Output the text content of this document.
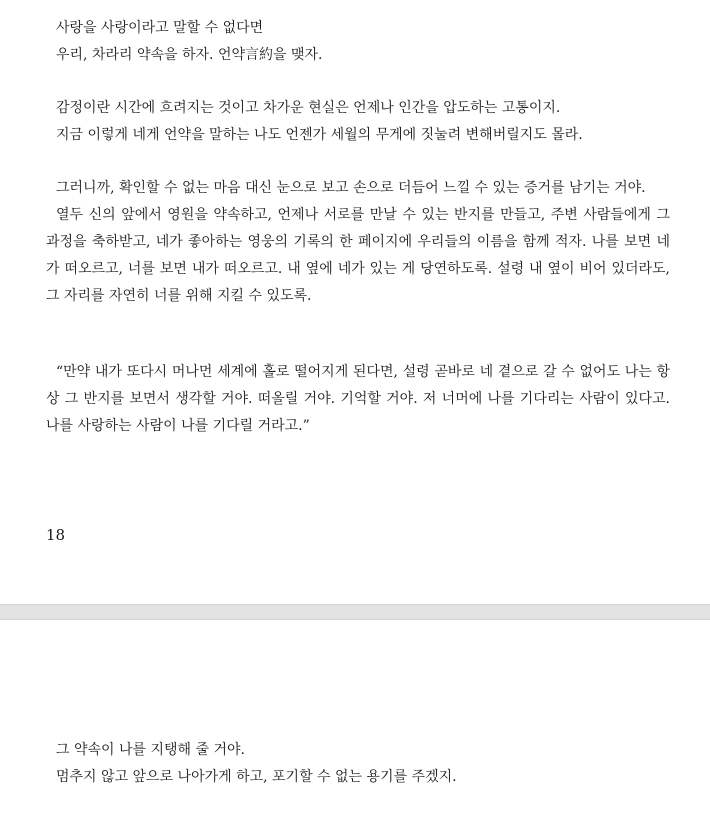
사랑을 사랑이라고 말할 수 없다면

우리, 차라리 약속을 하자. 언약言約을 맺자.

감정이란 시간에 흐려지는 것이고 차가운 현실은 언제나 인간을 압도하는 고통이지.

지금 이렇게 네게 언약을 말하는 나도 언젠가 세월의 무게에 짓눌려 변해버릴지도 몰라.

그러니까, 확인할 수 없는 마음 대신 눈으로 보고 손으로 더듬어 느낄 수 있는 증거를 남기는 거야.

열두 신의 앞에서 영원을 약속하고, 언제나 서로를 만날 수 있는 반지를 만들고, 주변 사람들에게 그 과정을 축하받고, 네가 좋아하는 영웅의 기록의 한 페이지에 우리들의 이름을 함께 적자. 나를 보면 네가 떠오르고, 너를 보면 내가 떠오르고. 내 옆에 네가 있는 게 당연하도록. 설령 내 옆이 비어 있더라도, 그 자리를 자연히 너를 위해 지킬 수 있도록.

“만약 내가 또다시 머나먼 세계에 홀로 떨어지게 된다면, 설령 곧바로 네 곁으로 갈 수 없어도 나는 항상 그 반지를 보면서 생각할 거야. 떠올릴 거야. 기억할 거야. 저 너머에 나를 기다리는 사람이 있다고. 나를 사랑하는 사람이 나를 기다릴 거라고.”

18

그 약속이 나를 지탱해 줄 거야.

멈추지 않고 앞으로 나아가게 하고, 포기할 수 없는 용기를 주겠지.
